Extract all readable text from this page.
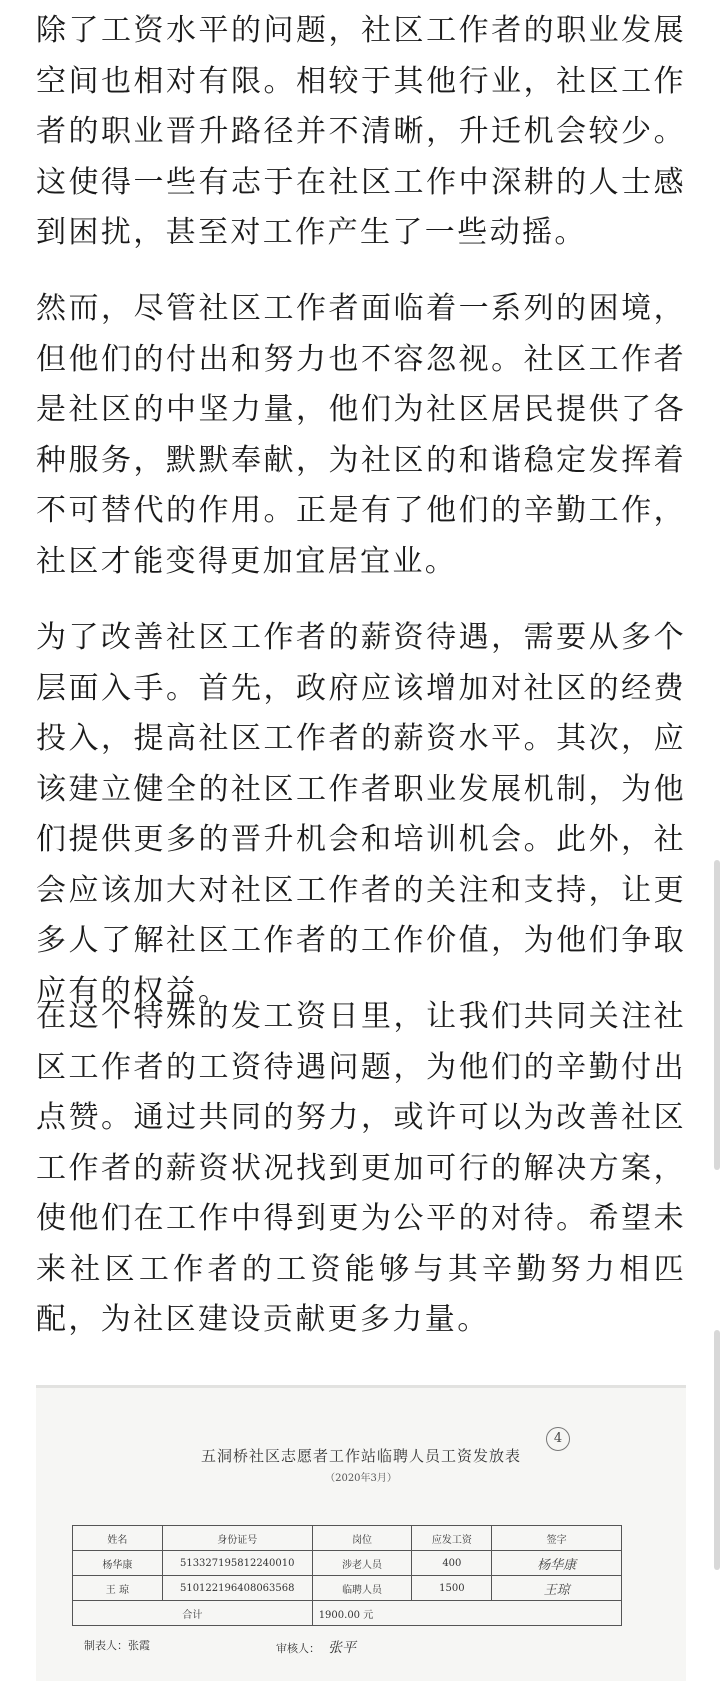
除了工资水平的问题，社区工作者的职业发展空间也相对有限。相较于其他行业，社区工作者的职业晋升路径并不清晰，升迁机会较少。这使得一些有志于在社区工作中深耕的人士感到困扰，甚至对工作产生了一些动摇。

然而，尽管社区工作者面临着一系列的困境，但他们的付出和努力也不容忽视。社区工作者是社区的中坚力量，他们为社区居民提供了各种服务，默默奉献，为社区的和谐稳定发挥着不可替代的作用。正是有了他们的辛勤工作，社区才能变得更加宜居宜业。

为了改善社区工作者的薪资待遇，需要从多个层面入手。首先，政府应该增加对社区的经费投入，提高社区工作者的薪资水平。其次，应该建立健全的社区工作者职业发展机制，为他们提供更多的晋升机会和培训机会。此外，社会应该加大对社区工作者的关注和支持，让更多人了解社区工作者的工作价值，为他们争取应有的权益。

在这个特殊的发工资日里，让我们共同关注社区工作者的工资待遇问题，为他们的辛勤付出点赞。通过共同的努力，或许可以为改善社区工作者的薪资状况找到更加可行的解决方案，使他们在工作中得到更为公平的对待。希望未来社区工作者的工资能够与其辛勤努力相匹配，为社区建设贡献更多力量。

4
五洞桥社区志愿者工作站临聘人员工资发放表
（2020年3月）
姓名	身份证号	岗位	应发工资	签字
杨华康	513327195812240010	涉老人员	400	杨华康
王 琼	510122196408063568	临聘人员	1500	王琼
合计		1900.00 元		
制表人：张霞	审核人： 张平
